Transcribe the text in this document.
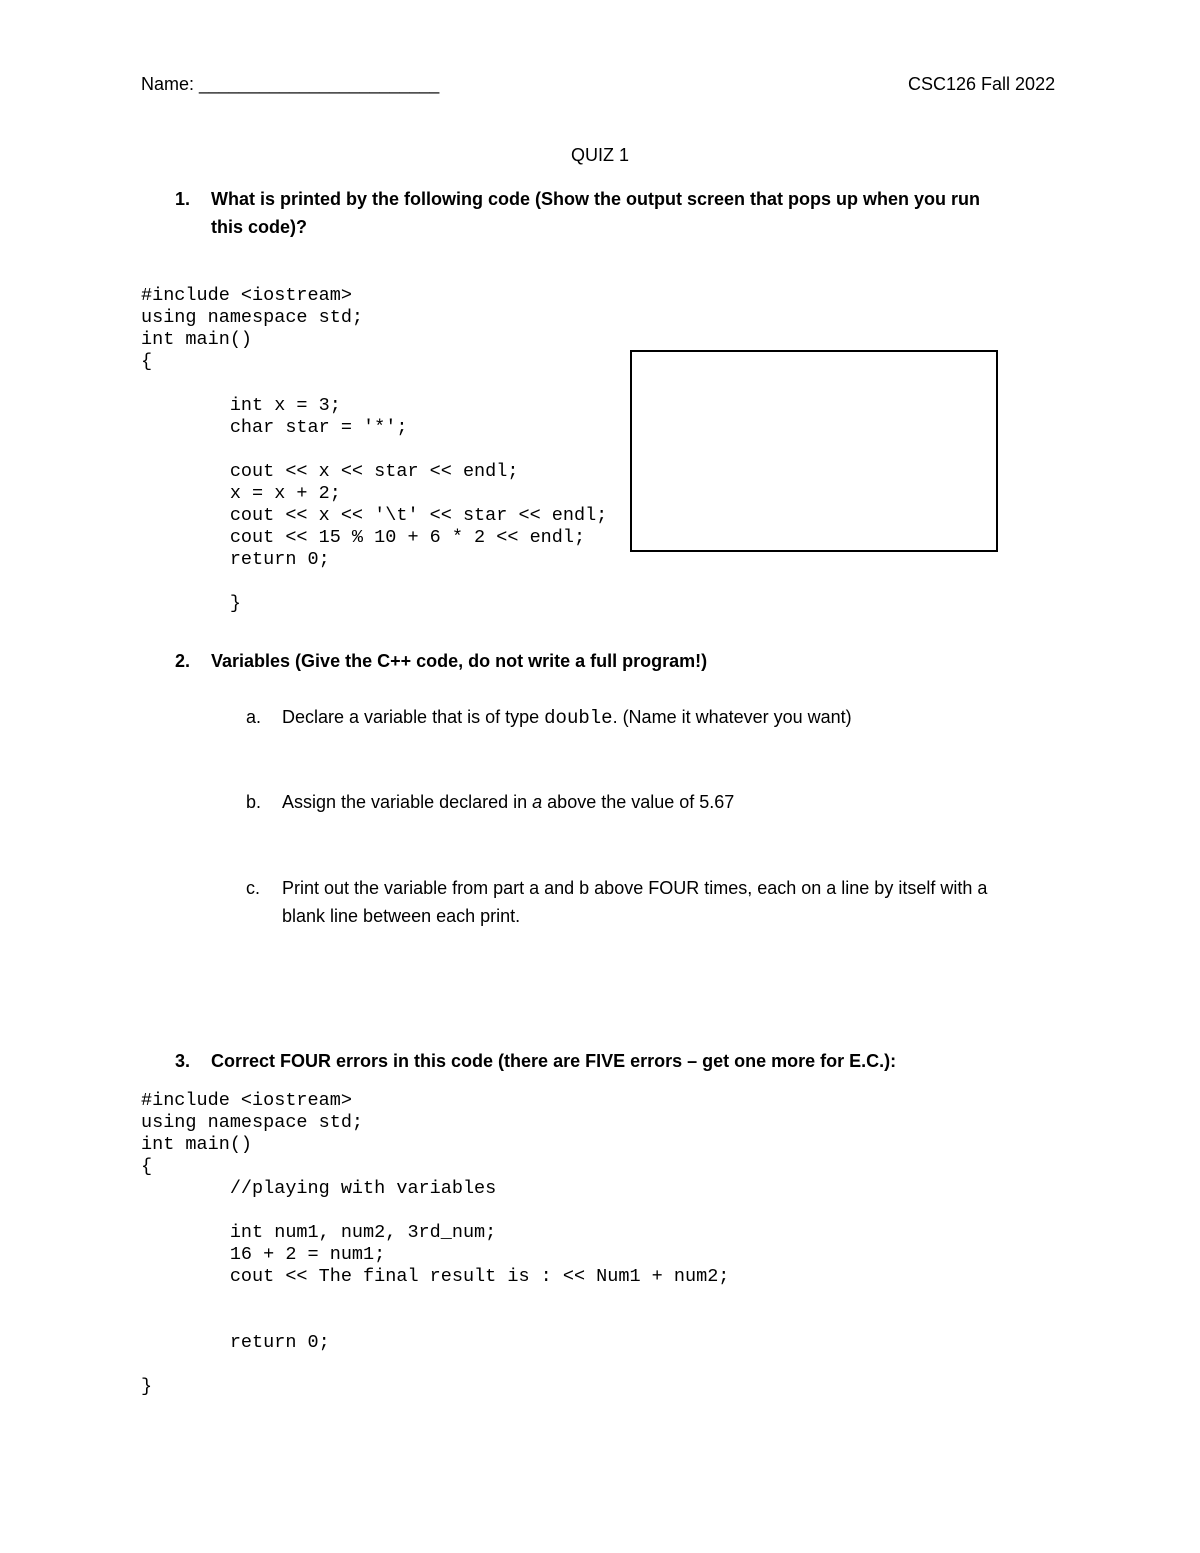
Name: ________________________	CSC126 Fall 2022
QUIZ 1
1. What is printed by the following code (Show the output screen that pops up when you run
this code)?
#include <iostream>
using namespace std;
int main()
{
int x = 3;
char star = '*';
cout << x << star << endl;
x = x + 2;
cout << x << '\t' << star << endl;
cout << 15 % 10 + 6 * 2 << endl;
return 0;
}
2. Variables (Give the C++ code, do not write a full program!)
a. Declare a variable that is of type double. (Name it whatever you want)
b. Assign the variable declared in a above the value of 5.67
c. Print out the variable from part a and b above FOUR times, each on a line by itself with a
blank line between each print.
3. Correct FOUR errors in this code (there are FIVE errors – get one more for E.C.):
#include <iostream>
using namespace std;
int main()
{
//playing with variables
int num1, num2, 3rd_num;
16 + 2 = num1;
cout << The final result is : << Num1 + num2;
return 0;
}
